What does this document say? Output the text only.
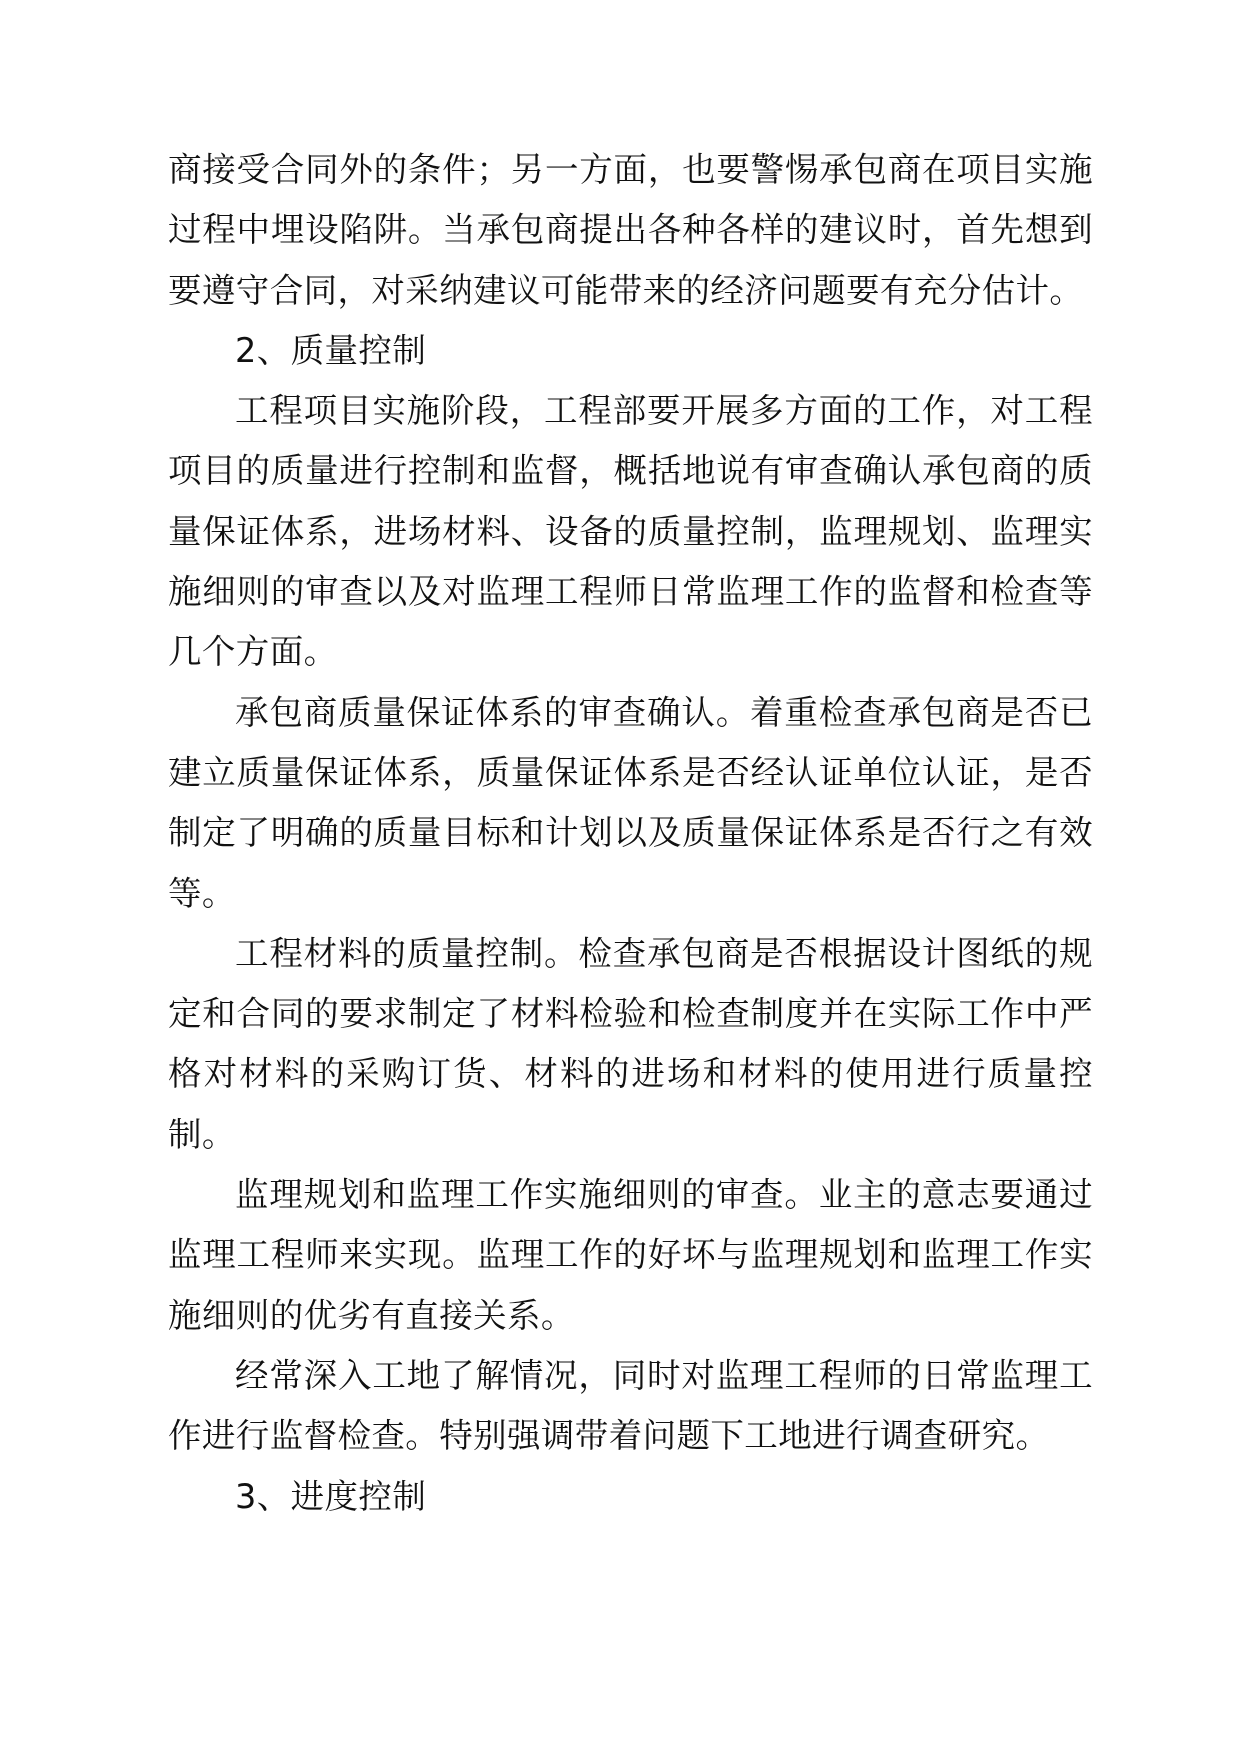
商接受合同外的条件；另一方面，也要警惕承包商在项目实施过程中埋设陷阱。当承包商提出各种各样的建议时，首先想到要遵守合同，对采纳建议可能带来的经济问题要有充分估计。

2、质量控制

工程项目实施阶段，工程部要开展多方面的工作，对工程项目的质量进行控制和监督，概括地说有审查确认承包商的质量保证体系，进场材料、设备的质量控制，监理规划、监理实施细则的审查以及对监理工程师日常监理工作的监督和检查等几个方面。

承包商质量保证体系的审查确认。着重检查承包商是否已建立质量保证体系，质量保证体系是否经认证单位认证，是否制定了明确的质量目标和计划以及质量保证体系是否行之有效等。

工程材料的质量控制。检查承包商是否根据设计图纸的规定和合同的要求制定了材料检验和检查制度并在实际工作中严格对材料的采购订货、材料的进场和材料的使用进行质量控制。

监理规划和监理工作实施细则的审查。业主的意志要通过监理工程师来实现。监理工作的好坏与监理规划和监理工作实施细则的优劣有直接关系。

经常深入工地了解情况，同时对监理工程师的日常监理工作进行监督检查。特别强调带着问题下工地进行调查研究。

3、进度控制
